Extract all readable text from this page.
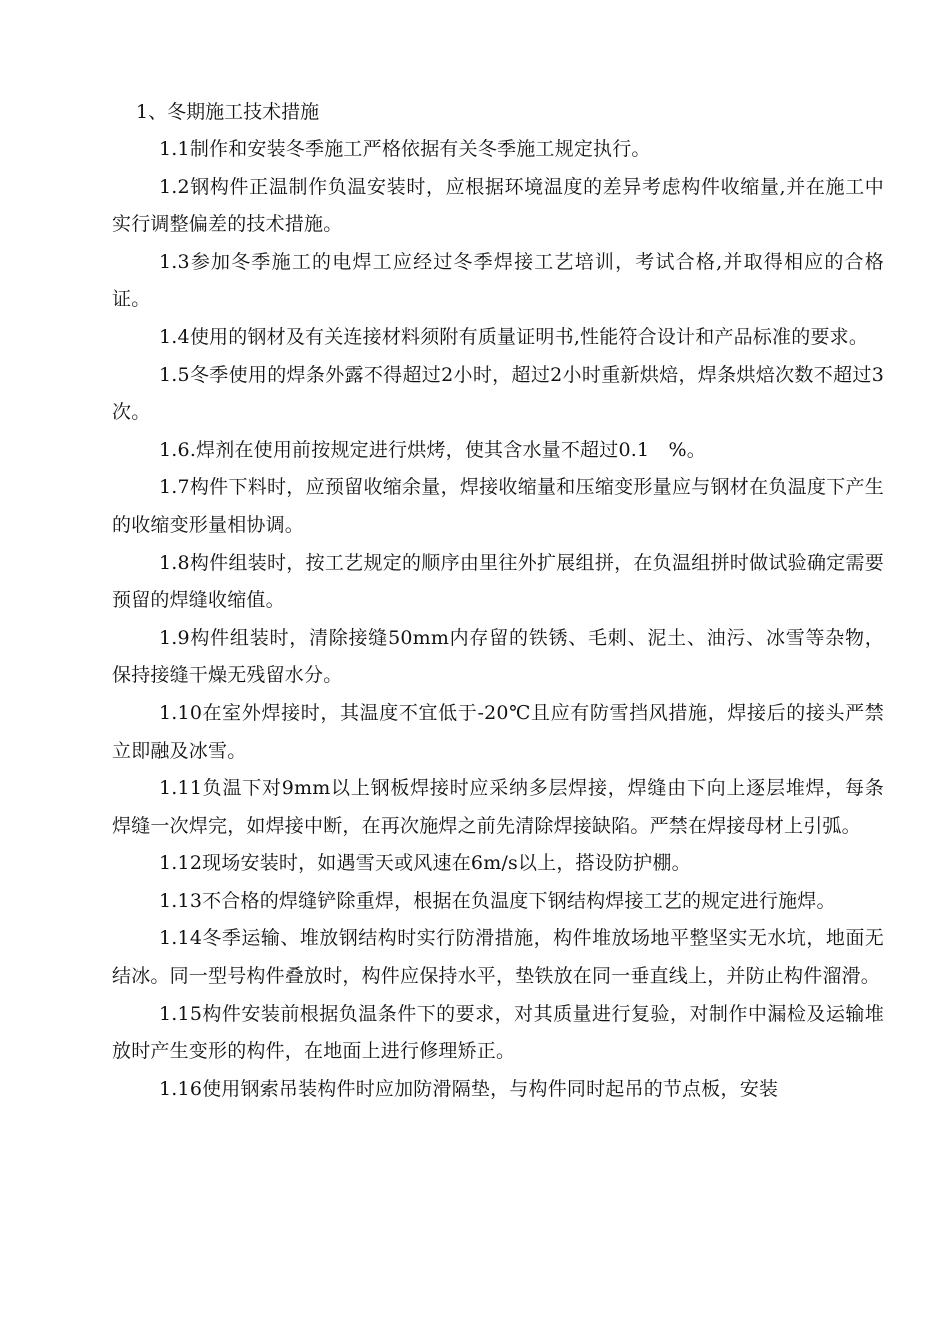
1、冬期施工技术措施

1.1制作和安装冬季施工严格依据有关冬季施工规定执行。

1.2钢构件正温制作负温安装时，应根据环境温度的差异考虑构件收缩量,并在施工中实行调整偏差的技术措施。

1.3参加冬季施工的电焊工应经过冬季焊接工艺培训，考试合格,并取得相应的合格证。

1.4使用的钢材及有关连接材料须附有质量证明书,性能符合设计和产品标准的要求。

1.5冬季使用的焊条外露不得超过2小时，超过2小时重新烘焙，焊条烘焙次数不超过3次。

1.6.焊剂在使用前按规定进行烘烤，使其含水量不超过0.1　%。

1.7构件下料时，应预留收缩余量，焊接收缩量和压缩变形量应与钢材在负温度下产生的收缩变形量相协调。

1.8构件组装时，按工艺规定的顺序由里往外扩展组拼，在负温组拼时做试验确定需要预留的焊缝收缩值。

1.9构件组装时，清除接缝50mm内存留的铁锈、毛刺、泥土、油污、冰雪等杂物，保持接缝干燥无残留水分。

1.10在室外焊接时，其温度不宜低于-20℃且应有防雪挡风措施，焊接后的接头严禁立即融及冰雪。

1.11负温下对9mm以上钢板焊接时应采纳多层焊接，焊缝由下向上逐层堆焊，每条焊缝一次焊完，如焊接中断，在再次施焊之前先清除焊接缺陷。严禁在焊接母材上引弧。

1.12现场安装时，如遇雪天或风速在6m/s以上，搭设防护棚。

1.13不合格的焊缝铲除重焊，根据在负温度下钢结构焊接工艺的规定进行施焊。

1.14冬季运输、堆放钢结构时实行防滑措施，构件堆放场地平整坚实无水坑，地面无结冰。同一型号构件叠放时，构件应保持水平，垫铁放在同一垂直线上，并防止构件溜滑。

1.15构件安装前根据负温条件下的要求，对其质量进行复验，对制作中漏检及运输堆放时产生变形的构件，在地面上进行修理矫正。

1.16使用钢索吊装构件时应加防滑隔垫，与构件同时起吊的节点板，安装
